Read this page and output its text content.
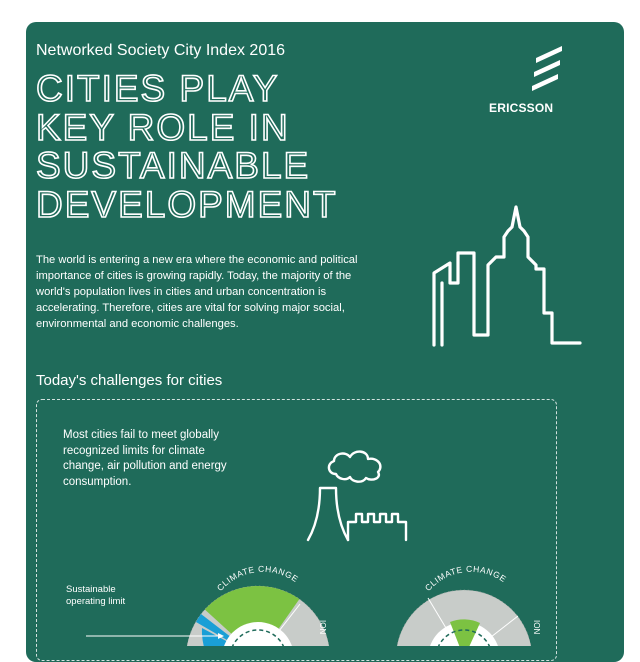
Networked Society City Index 2016
CITIES PLAY
KEY ROLE IN
SUSTAINABLE
DEVELOPMENT
ERICSSON
The world is entering a new era where the economic and political importance of cities is growing rapidly. Today, the majority of the world's population lives in cities and urban concentration is accelerating. Therefore, cities are vital for solving major social, environmental and economic challenges.
Today's challenges for cities
Most cities fail to meet globally recognized limits for climate change, air pollution and energy consumption.
CLIMATE CHANGE
ION
Sustainable operating limit
CLIMATE CHANGE
ION
